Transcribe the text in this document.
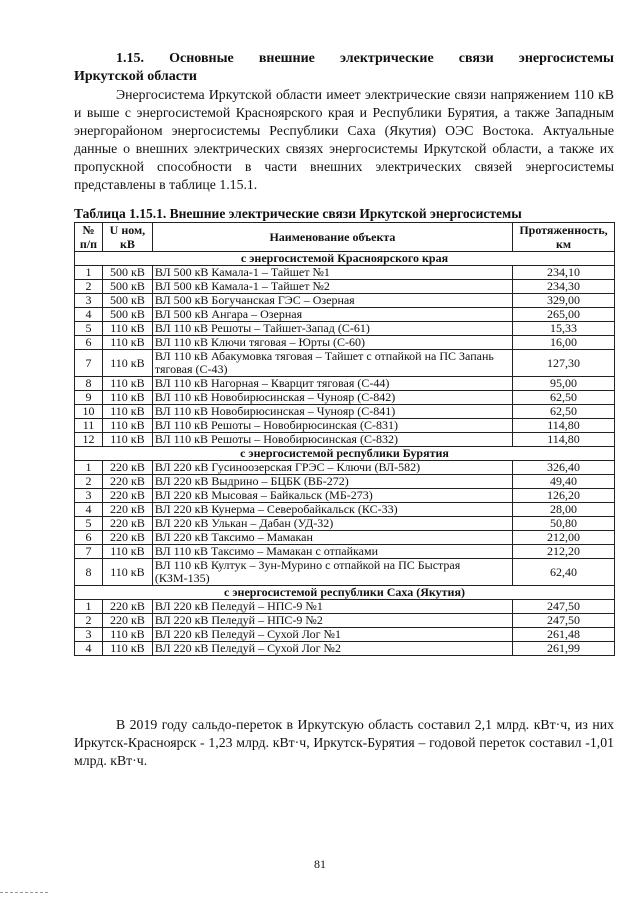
1.15. Основные внешние электрические связи энергосистемы
Иркутской области
Энергосистема Иркутской области имеет электрические связи напряжением 110 кВ и выше с энергосистемой Красноярского края и Республики Бурятия, а также Западным энергорайоном энергосистемы Республики Саха (Якутия) ОЭС Востока. Актуальные данные о внешних электрических связях энергосистемы Иркутской области, а также их пропускной способности в части внешних электрических связей энергосистемы представлены в таблице 1.15.1.
Таблица 1.15.1. Внешние электрические связи Иркутской энергосистемы
№ п/п	U ном, кВ	Наименование объекта	Протяженность, км
с энергосистемой Красноярского края			
1	500 кВ	ВЛ 500 кВ Камала-1 – Тайшет №1	234,10
2	500 кВ	ВЛ 500 кВ Камала-1 – Тайшет №2	234,30
3	500 кВ	ВЛ 500 кВ Богучанская ГЭС – Озерная	329,00
4	500 кВ	ВЛ 500 кВ Ангара – Озерная	265,00
5	110 кВ	ВЛ 110 кВ Решоты – Тайшет-Запад (С-61)	15,33
6	110 кВ	ВЛ 110 кВ Ключи тяговая – Юрты (С-60)	16,00
7	110 кВ	ВЛ 110 кВ Абакумовка тяговая – Тайшет с отпайкой на ПС Запань тяговая (С-43)	127,30
8	110 кВ	ВЛ 110 кВ Нагорная – Кварцит тяговая (С-44)	95,00
9	110 кВ	ВЛ 110 кВ Новобирюсинская – Чунояр (С-842)	62,50
10	110 кВ	ВЛ 110 кВ Новобирюсинская – Чунояр (С-841)	62,50
11	110 кВ	ВЛ 110 кВ Решоты – Новобирюсинская (С-831)	114,80
12	110 кВ	ВЛ 110 кВ Решоты – Новобирюсинская (С-832)	114,80
с энергосистемой республики Бурятия			
1	220 кВ	ВЛ 220 кВ Гусиноозерская ГРЭС – Ключи (ВЛ-582)	326,40
2	220 кВ	ВЛ 220 кВ Выдрино – БЦБК (ВБ-272)	49,40
3	220 кВ	ВЛ 220 кВ Мысовая – Байкальск (МБ-273)	126,20
4	220 кВ	ВЛ 220 кВ Кунерма – Северобайкальск (КС-33)	28,00
5	220 кВ	ВЛ 220 кВ Улькан – Дабан (УД-32)	50,80
6	220 кВ	ВЛ 220 кВ Таксимо – Мамакан	212,00
7	110 кВ	ВЛ 110 кВ Таксимо – Мамакан с отпайками	212,20
8	110 кВ	ВЛ 110 кВ Култук – Зун-Мурино с отпайкой на ПС Быстрая (КЗМ-135)	62,40
с энергосистемой республики Саха (Якутия)			
1	220 кВ	ВЛ 220 кВ Пеледуй – НПС-9 №1	247,50
2	220 кВ	ВЛ 220 кВ Пеледуй – НПС-9 №2	247,50
3	110 кВ	ВЛ 220 кВ Пеледуй – Сухой Лог №1	261,48
4	110 кВ	ВЛ 220 кВ Пеледуй – Сухой Лог №2	261,99
В 2019 году сальдо-переток в Иркутскую область составил 2,1 млрд. кВт·ч, из них Иркутск-Красноярск - 1,23 млрд. кВт·ч, Иркутск-Бурятия – годовой переток составил -1,01 млрд. кВт·ч.
81
